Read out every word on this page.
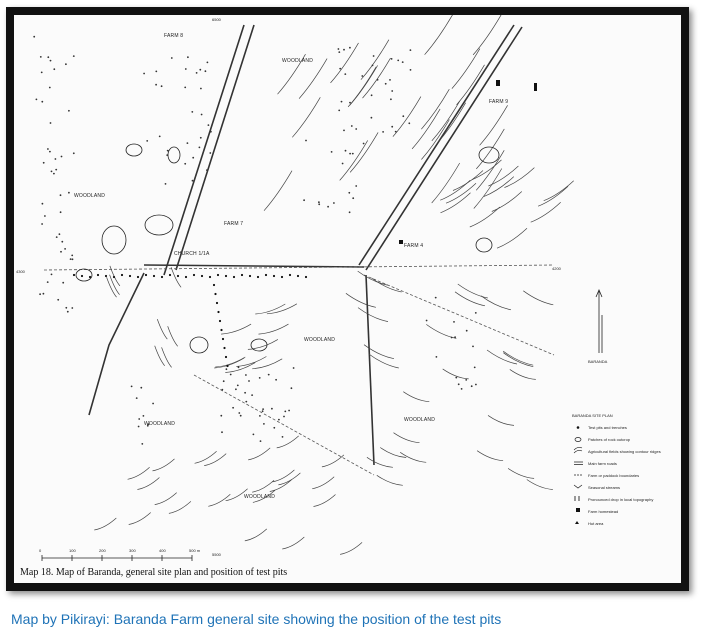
FARM 8
WOODLAND
WOODLAND
WOODLAND
WOODLAND
WOODLAND
WOODLAND
FARM 9
FARM 7
FARM 4
CHURCH 1/1A
6500
5500
4300
4200
BARANDA
0	100	200	300	400	500 m
BARANDA SITE PLAN
Test pits and trenches
Patches of rock outcrop
Agricultural fields showing contour ridges
Main farm roads
Farm or paddock boundaries
Seasonal streams
Pronounced drop in local topography
Farm homestead
Hut area
Map 18. Map of Baranda, general site plan and position of test pits
Map by Pikirayi: Baranda Farm general site showing the position of the test pits
